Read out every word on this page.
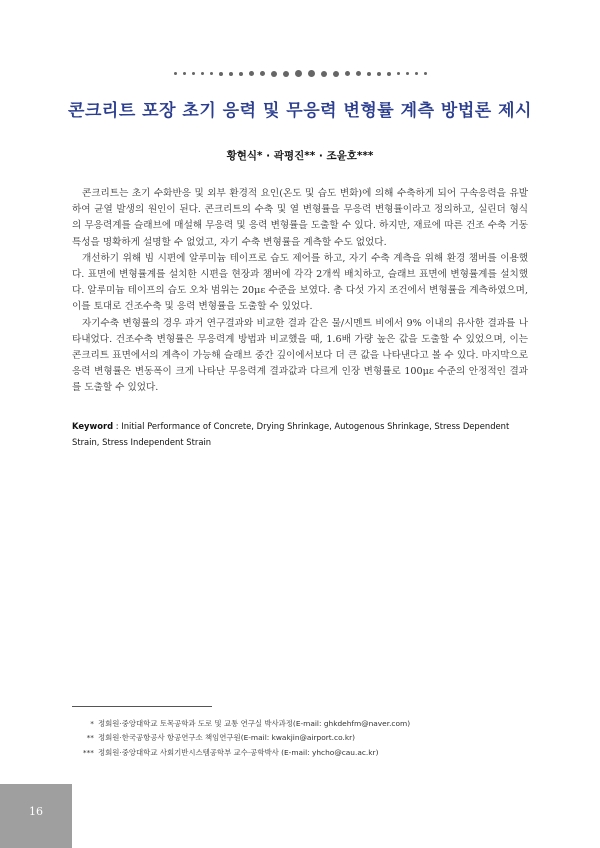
콘크리트 포장 초기 응력 및 무응력 변형률 계측 방법론 제시
황현식* · 곽평진** · 조윤호***

콘크리트는 초기 수화반응 및 외부 환경적 요인(온도 및 습도 변화)에 의해 수축하게 되어 구속응력을 유발하여 균열 발생의 원인이 된다. 콘크리트의 수축 및 열 변형률을 무응력 변형률이라고 정의하고, 실린더 형식의 무응력계를 슬래브에 매설해 무응력 및 응력 변형률을 도출할 수 있다. 하지만, 재료에 따른 건조 수축 거동 특성을 명확하게 설명할 수 없었고, 자기 수축 변형률을 계측할 수도 없었다.

개선하기 위해 빔 시편에 알루미늄 테이프로 습도 제어를 하고, 자기 수축 계측을 위해 환경 챔버를 이용했다. 표면에 변형률계를 설치한 시편을 현장과 챔버에 각각 2개씩 배치하고, 슬래브 표면에 변형률계를 설치했다. 알루미늄 테이프의 습도 오차 범위는 20με 수준을 보였다. 총 다섯 가지 조건에서 변형률을 계측하였으며, 이를 토대로 건조수축 및 응력 변형률을 도출할 수 있었다.

자기수축 변형률의 경우 과거 연구결과와 비교한 결과 같은 물/시멘트 비에서 9% 이내의 유사한 결과를 나타내었다. 건조수축 변형률은 무응력계 방법과 비교했을 때, 1.6배 가량 높은 값을 도출할 수 있었으며, 이는 콘크리트 표면에서의 계측이 가능해 슬래브 중간 깊이에서보다 더 큰 값을 나타낸다고 볼 수 있다. 마지막으로 응력 변형률은 변동폭이 크게 나타난 무응력계 결과값과 다르게 인장 변형률로 100με 수준의 안정적인 결과를 도출할 수 있었다.

Keyword : Initial Performance of Concrete, Drying Shrinkage, Autogenous Shrinkage, Stress Dependent Strain, Stress Independent Strain
* 정회원·중앙대학교 토목공학과 도로 및 교통 연구실 박사과정(E-mail: ghkdehfm@naver.com)
** 정회원·한국공항공사 항공연구소 책임연구원(E-mail: kwakjin@airport.co.kr)
*** 정회원·중앙대학교 사회기반시스템공학부 교수·공학박사 (E-mail: yhcho@cau.ac.kr)
16
